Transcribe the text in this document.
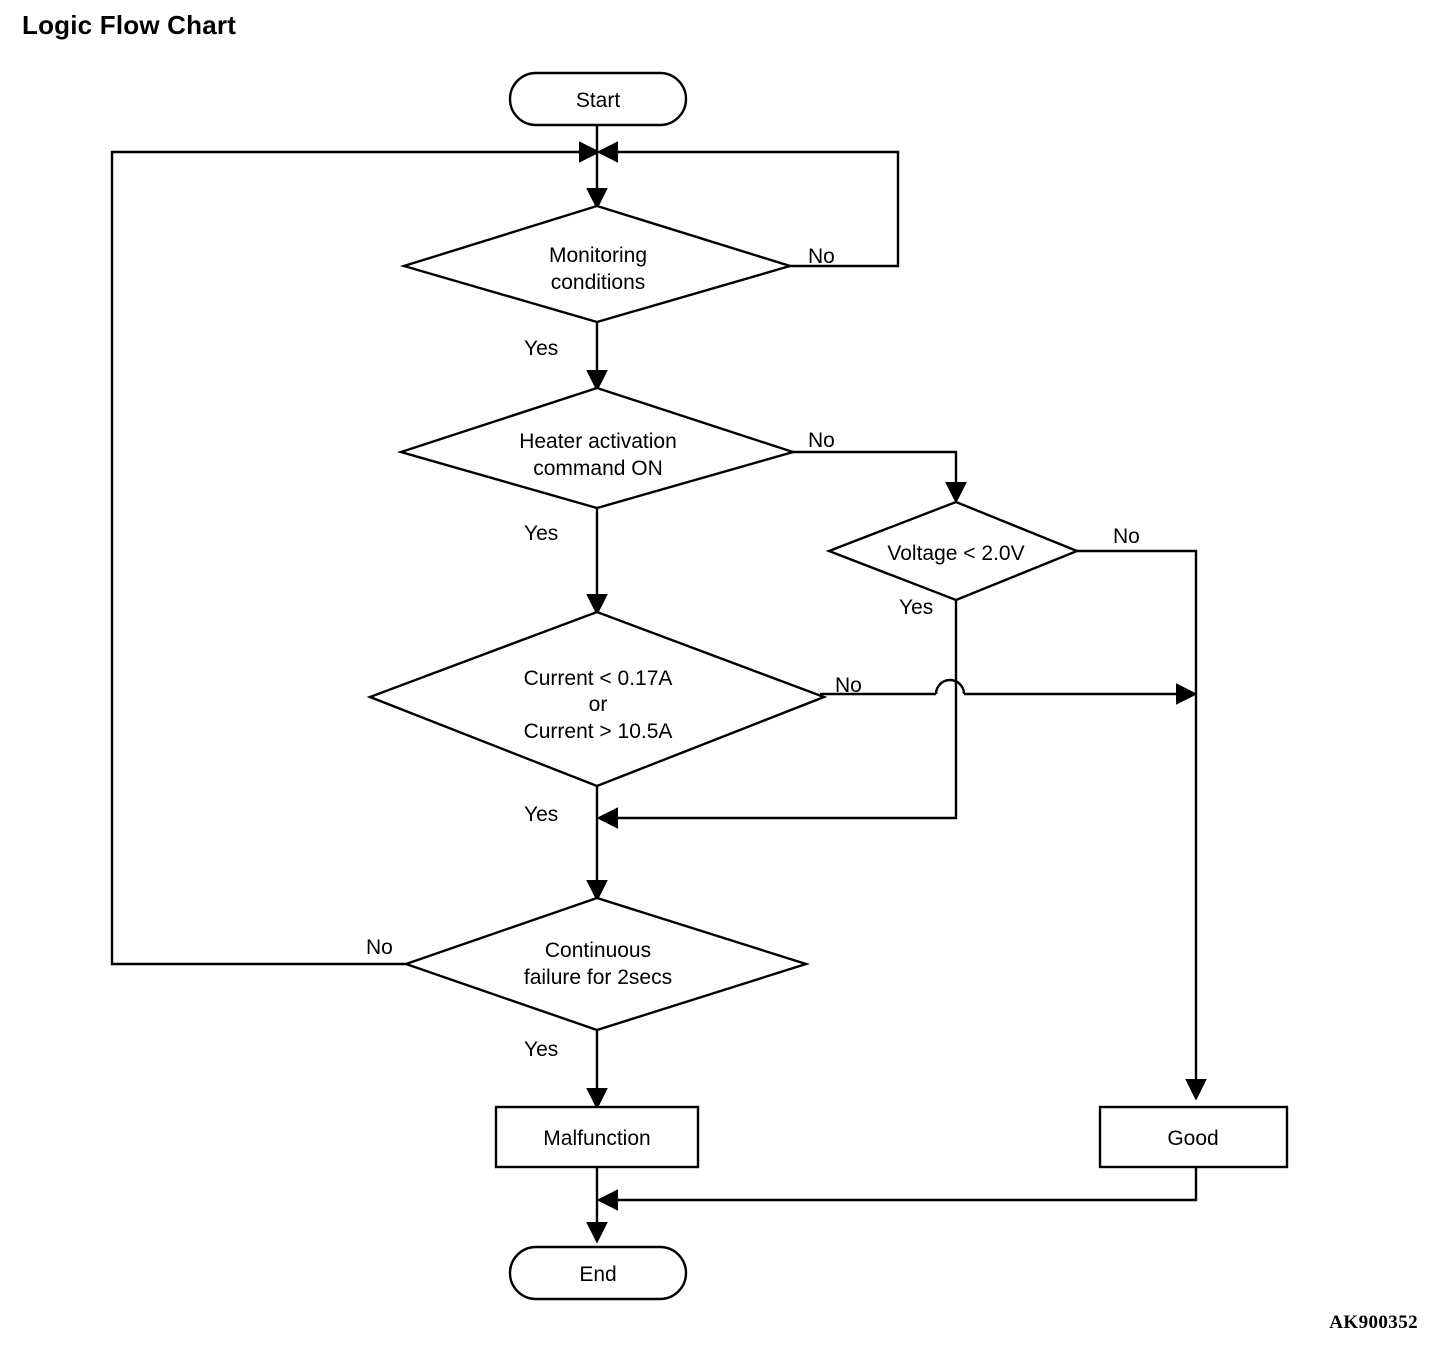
Logic Flow Chart
Start
Monitoring
conditions
Heater activation
command ON
Voltage < 2.0V
Current < 0.17A
or
Current > 10.5A
Continuous
failure for 2secs
Malfunction	Good
End
No
Yes
No
Yes	No
Yes
No
Yes
No
Yes
AK900352
